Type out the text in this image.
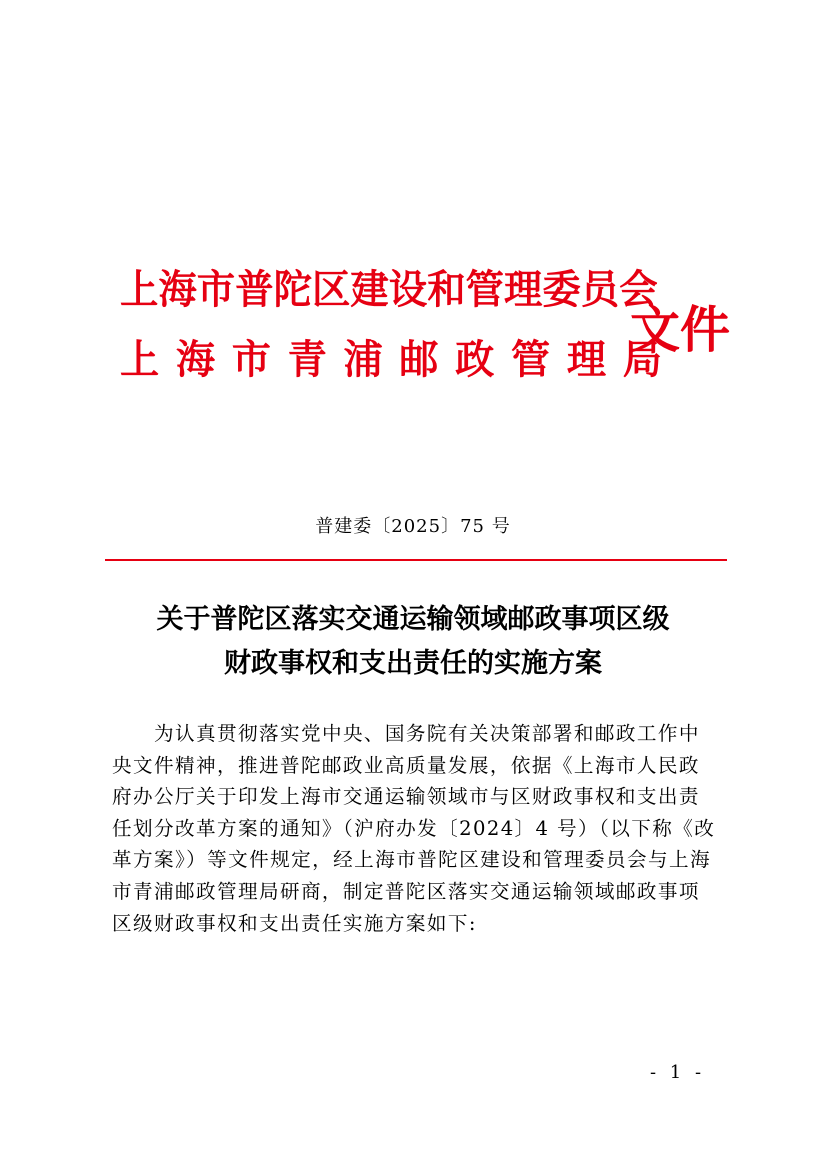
上海市普陀区建设和管理委员会
上海市青浦邮政管理局
文件
普建委〔2025〕75 号
关于普陀区落实交通运输领域邮政事项区级
财政事权和支出责任的实施方案
为认真贯彻落实党中央、国务院有关决策部署和邮政工作中
央文件精神，推进普陀邮政业高质量发展，依据《上海市人民政
府办公厅关于印发上海市交通运输领域市与区财政事权和支出责
任划分改革方案的通知》（沪府办发〔2024〕4 号）（以下称《改
革方案》）等文件规定，经上海市普陀区建设和管理委员会与上海
市青浦邮政管理局研商，制定普陀区落实交通运输领域邮政事项
区级财政事权和支出责任实施方案如下:
- 1 -
